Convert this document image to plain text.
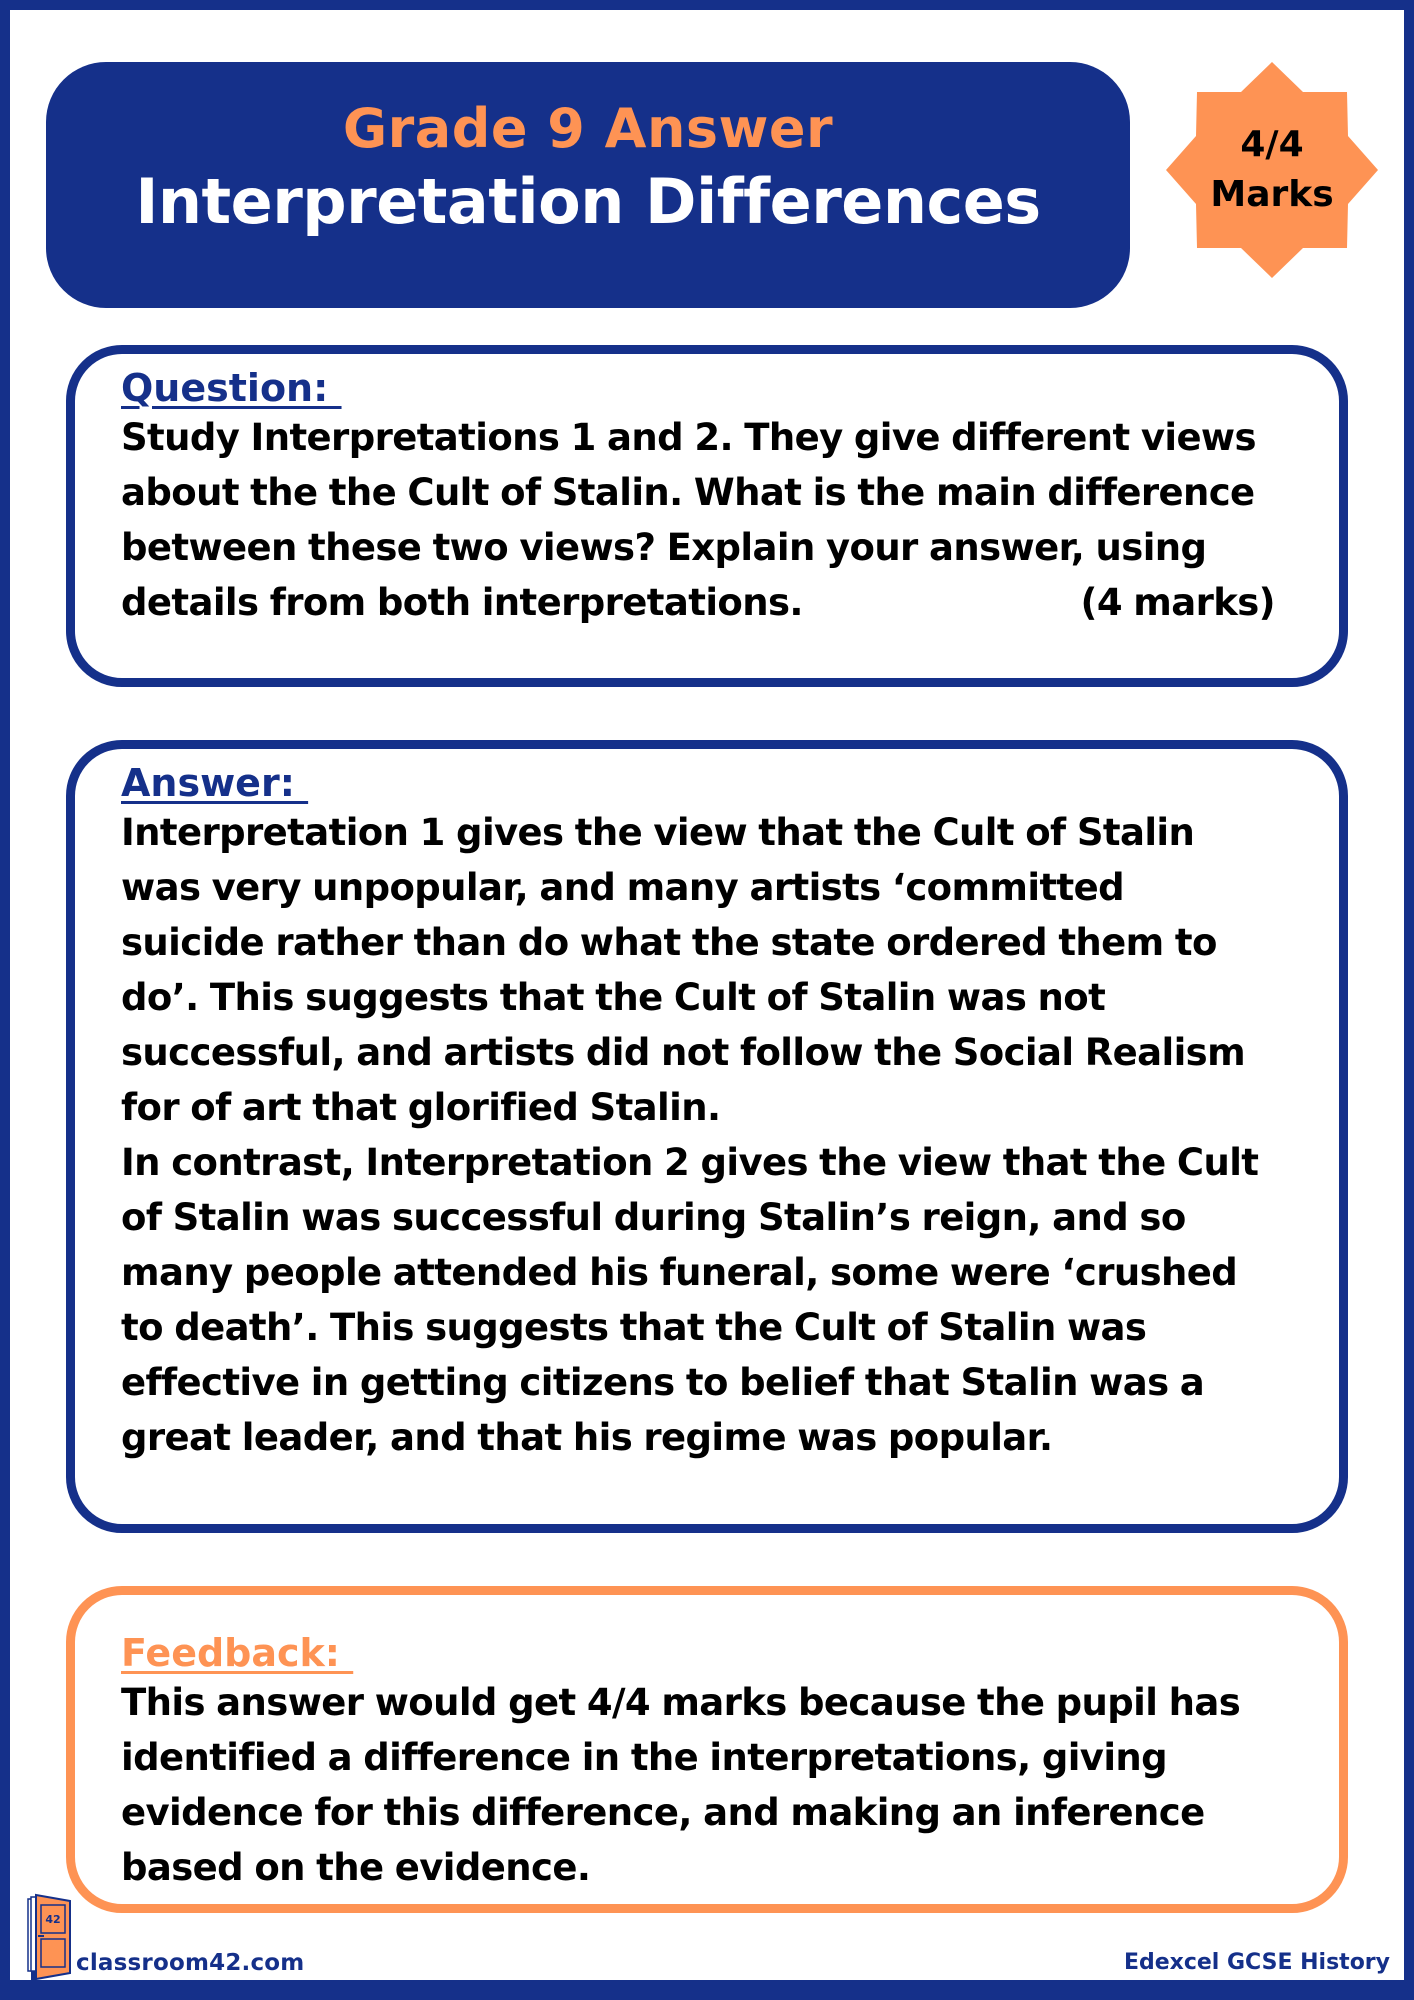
Grade 9 Answer
Interpretation Differences
4/4
Marks
Question:

Study Interpretations 1 and 2. They give different views

about the the Cult of Stalin. What is the main difference

between these two views? Explain your answer, using

details from both interpretations.	(4 marks)

Answer:

Interpretation 1 gives the view that the Cult of Stalin

was very unpopular, and many artists ‘committed

suicide rather than do what the state ordered them to

do’. This suggests that the Cult of Stalin was not

successful, and artists did not follow the Social Realism

for of art that glorified Stalin.

In contrast, Interpretation 2 gives the view that the Cult

of Stalin was successful during Stalin’s reign, and so

many people attended his funeral, some were ‘crushed

to death’. This suggests that the Cult of Stalin was

effective in getting citizens to belief that Stalin was a

great leader, and that his regime was popular.

Feedback:

This answer would get 4/4 marks because the pupil has

identified a difference in the interpretations, giving

evidence for this difference, and making an inference

based on the evidence.

42
classroom42.com	Edexcel GCSE History
